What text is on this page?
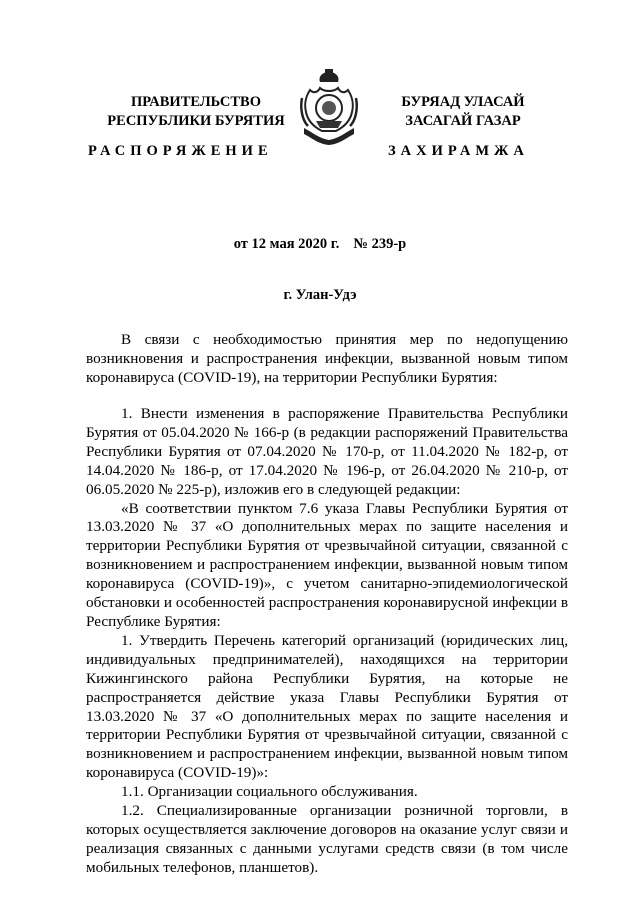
ПРАВИТЕЛЬСТВО
РЕСПУБЛИКИ БУРЯТИЯ
БУРЯАД УЛАСАЙ
ЗАСАГАЙ ГАЗАР
РАСПОРЯЖЕНИЕ	ЗАХИРАМЖА
от 12 мая 2020 г. № 239-р
г. Улан-Удэ

В связи с необходимостью принятия мер по недопущению возникновения и распространения инфекции, вызванной новым типом коронавируса (COVID-19), на территории Республики Бурятия:

1. Внести изменения в распоряжение Правительства Республики Бурятия от 05.04.2020 № 166-р (в редакции распоряжений Правительства Республики Бурятия от 07.04.2020 № 170-р, от 11.04.2020 № 182-р, от 14.04.2020 № 186-р, от 17.04.2020 № 196-р, от 26.04.2020 № 210-р, от 06.05.2020 № 225-р), изложив его в следующей редакции:

«В соответствии пунктом 7.6 указа Главы Республики Бурятия от 13.03.2020 № 37 «О дополнительных мерах по защите населения и территории Республики Бурятия от чрезвычайной ситуации, связанной с возникновением и распространением инфекции, вызванной новым типом коронавируса (COVID-19)», с учетом санитарно-эпидемиологической обстановки и особенностей распространения коронавирусной инфекции в Республике Бурятия:

1. Утвердить Перечень категорий организаций (юридических лиц, индивидуальных предпринимателей), находящихся на территории Кижингинского района Республики Бурятия, на которые не распространяется действие указа Главы Республики Бурятия от 13.03.2020 № 37 «О дополнительных мерах по защите населения и территории Республики Бурятия от чрезвычайной ситуации, связанной с возникновением и распространением инфекции, вызванной новым типом коронавируса (COVID-19)»:

1.1. Организации социального обслуживания.

1.2. Специализированные организации розничной торговли, в которых осуществляется заключение договоров на оказание услуг связи и реализация связанных с данными услугами средств связи (в том числе мобильных телефонов, планшетов).
